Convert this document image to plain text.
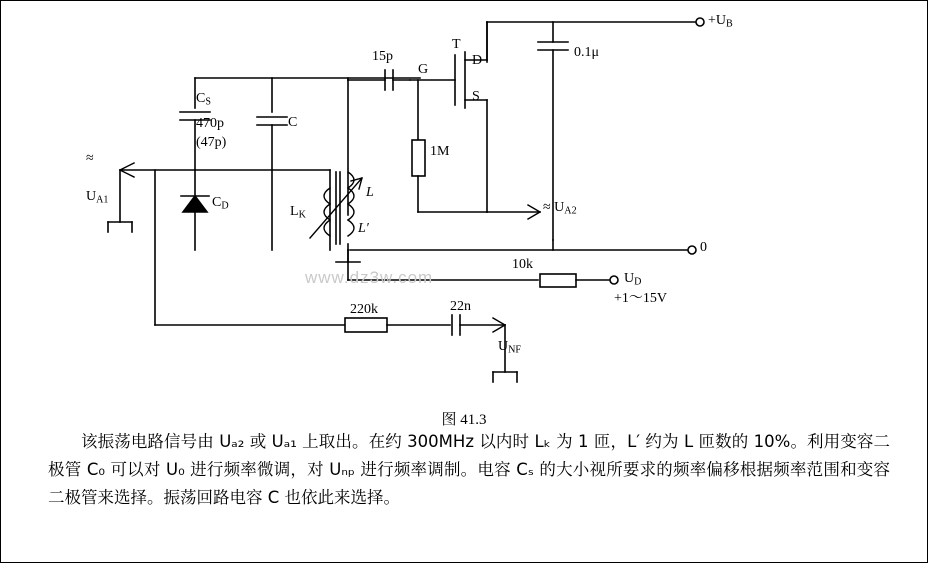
$+U_B$
0.1μ
15p
G
D
S
T
1M
$C_S$
470p
(47p)
C
$C_D$
≈
$U_{A1}$	≈ $U_{A2}$
$L_K$
L
L′
0
10k
$U_D$
+1～15V
220k	22n
$U_{NF}$
www.dz3w.com
图 41.3

该振荡电路信号由 Uₐ₂ 或 Uₐ₁ 上取出。在约 300MHz 以内时 Lₖ 为 1 匝，L′ 约为 L 匝数的 10%。利用变容二极管 C₀ 可以对 U₀ 进行频率微调，对 Uₙₚ 进行频率调制。电容 Cₛ 的大小视所要求的频率偏移根据频率范围和变容二极管来选择。振荡回路电容 C 也依此来选择。
